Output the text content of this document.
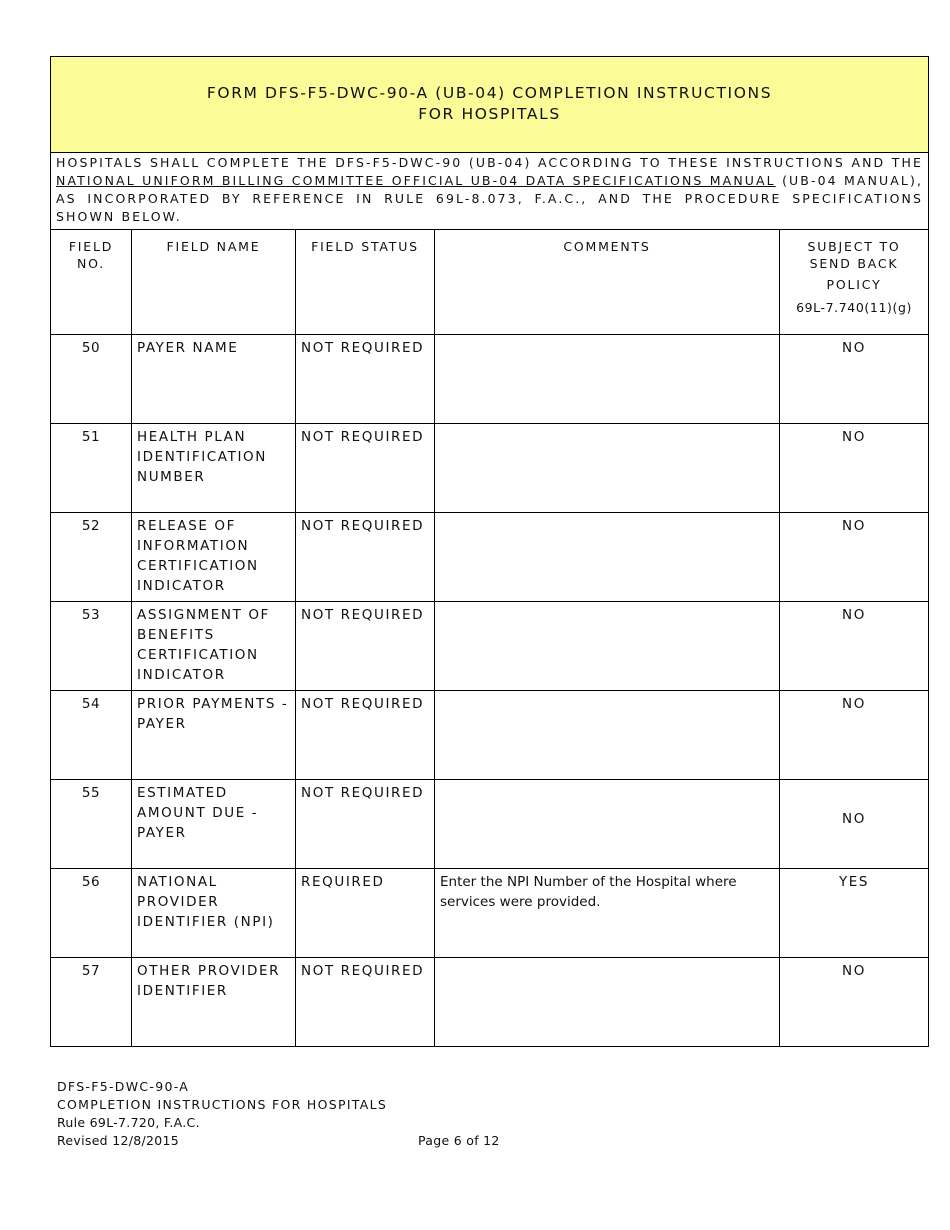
FORM DFS-F5-DWC-90-A (UB-04) COMPLETION INSTRUCTIONS
FOR HOSPITALS				

HOSPITALS SHALL COMPLETE THE DFS-F5-DWC-90 (UB-04) ACCORDING TO THESE INSTRUCTIONS AND THE NATIONAL UNIFORM BILLING COMMITTEE OFFICIAL UB-04 DATA SPECIFICATIONS MANUAL (UB-04 MANUAL), AS INCORPORATED BY REFERENCE IN RULE 69L-8.073, F.A.C., AND THE PROCEDURE SPECIFICATIONS SHOWN BELOW.				

FIELD NO.	FIELD NAME	FIELD STATUS	COMMENTS	SUBJECT TO SEND BACK
POLICY
69L-7.740(11)(g)

50	PAYER NAME	NOT REQUIRED		NO
51	HEALTH PLAN IDENTIFICATION NUMBER	NOT REQUIRED		NO
52	RELEASE OF INFORMATION CERTIFICATION INDICATOR	NOT REQUIRED		NO
53	ASSIGNMENT OF BENEFITS CERTIFICATION INDICATOR	NOT REQUIRED		NO
54	PRIOR PAYMENTS - PAYER	NOT REQUIRED		NO
55	ESTIMATED AMOUNT DUE - PAYER	NOT REQUIRED		NO

56	NATIONAL PROVIDER IDENTIFIER (NPI)	REQUIRED	Enter the NPI Number of the Hospital where services were provided.	YES
57	OTHER PROVIDER IDENTIFIER	NOT REQUIRED		NO
DFS-F5-DWC-90-A
COMPLETION INSTRUCTIONS FOR HOSPITALS
Rule 69L-7.720, F.A.C.
Revised 12/8/2015	Page 6 of 12
